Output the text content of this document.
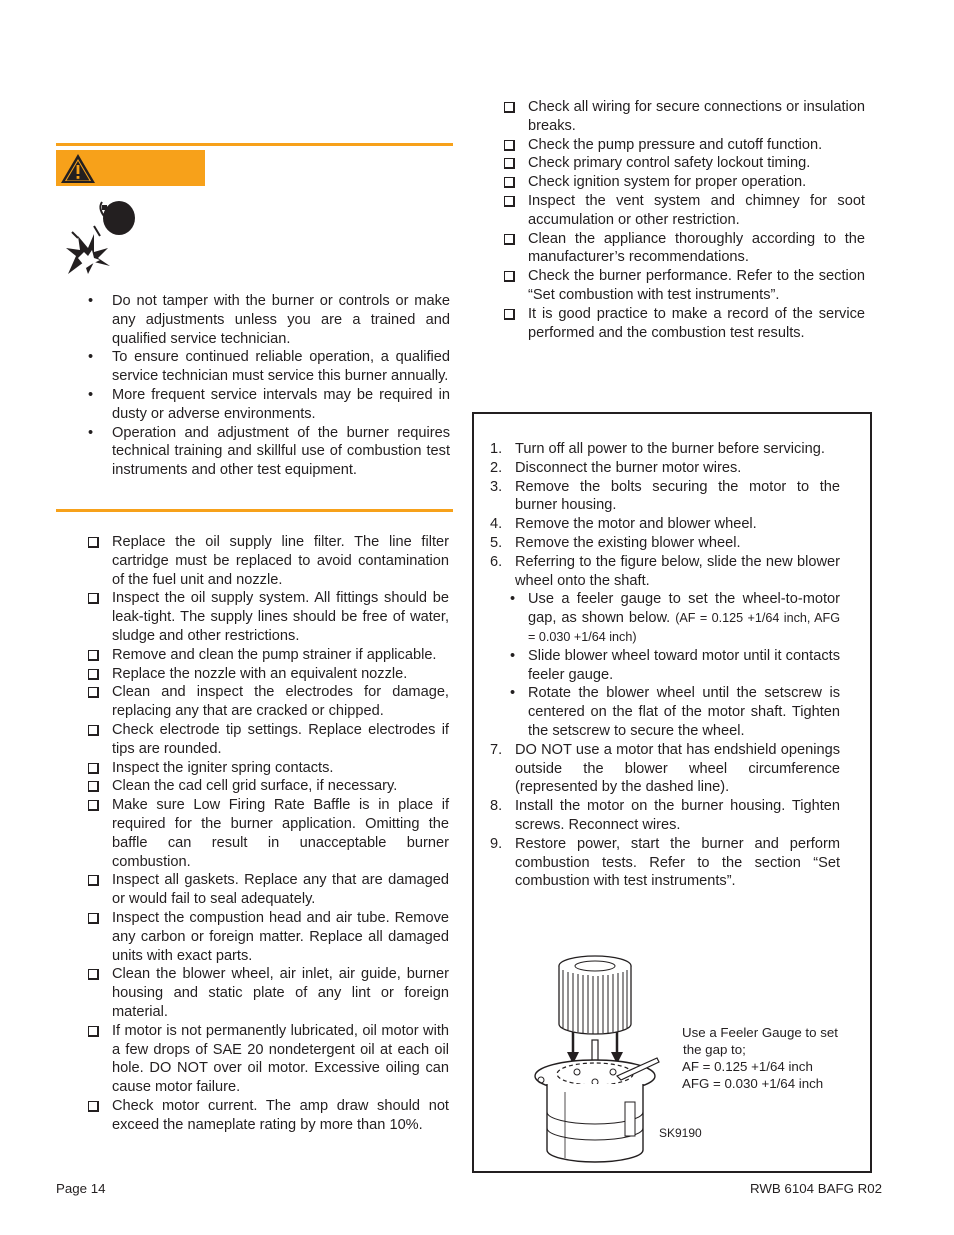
• Do not tamper with the burner or controls or make any adjustments unless you are a trained and qualified service technician.
• To ensure continued reliable operation, a qualified service technician must service this burner annually.
• More frequent service intervals may be required in dusty or adverse environments.
• Operation and adjustment of the burner requires technical training and skillful use of combustion test instruments and other test equipment.
Replace the oil supply line filter. The line filter cartridge must be replaced to avoid contamination of the fuel unit and nozzle.
Inspect the oil supply system. All fittings should be leak-tight. The supply lines should be free of water, sludge and other restrictions.
Remove and clean the pump strainer if applicable.
Replace the nozzle with an equivalent nozzle.
Clean and inspect the electrodes for damage, replacing any that are cracked or chipped.
Check electrode tip settings. Replace electrodes if tips are rounded.
Inspect the igniter spring contacts.
Clean the cad cell grid surface, if necessary.
Make sure Low Firing Rate Baffle is in place if required for the burner application. Omitting the baffle can result in unacceptable burner combustion.
Inspect all gaskets. Replace any that are damaged or would fail to seal adequately.
Inspect the compustion head and air tube. Remove any carbon or foreign matter. Replace all damaged units with exact parts.
Clean the blower wheel, air inlet, air guide, burner housing and static plate of any lint or foreign material.
If motor is not permanently lubricated, oil motor with a few drops of SAE 20 nondetergent oil at each oil hole. DO NOT over oil motor. Excessive oiling can cause motor failure.
Check motor current. The amp draw should not exceed the nameplate rating by more than 10%.
Check all wiring for secure connections or insulation breaks.
Check the pump pressure and cutoff function.
Check primary control safety lockout timing.
Check ignition system for proper operation.
Inspect the vent system and chimney for soot accumulation or other restriction.
Clean the appliance thoroughly according to the manufacturer’s recommendations.
Check the burner performance. Refer to the section “Set combustion with test instruments”.
It is good practice to make a record of the service performed and the combustion test results.
1. Turn off all power to the burner before servicing.
2. Disconnect the burner motor wires.
3. Remove the bolts securing the motor to the burner housing.
4. Remove the motor and blower wheel.
5. Remove the existing blower wheel.
6. Referring to the figure below, slide the new blower wheel onto the shaft.
• Use a feeler gauge to set the wheel-to-motor gap, as shown below. (AF = 0.125 +1/64 inch, AFG = 0.030 +1/64 inch)
• Slide blower wheel toward motor until it contacts feeler gauge.
• Rotate the blower wheel until the setscrew is centered on the flat of the motor shaft. Tighten the setscrew to secure the wheel.
7. DO NOT use a motor that has endshield openings outside the blower wheel circumference (represented by the dashed line).
8. Install the motor on the burner housing. Tighten screws. Reconnect wires.
9. Restore power, start the burner and perform combustion tests. Refer to the section “Set combustion with test instruments”.
Use a Feeler Gauge to set
the gap to;
AF = 0.125 +1/64 inch
AFG = 0.030 +1/64 inch
SK9190
Page 14	RWB 6104 BAFG R02
